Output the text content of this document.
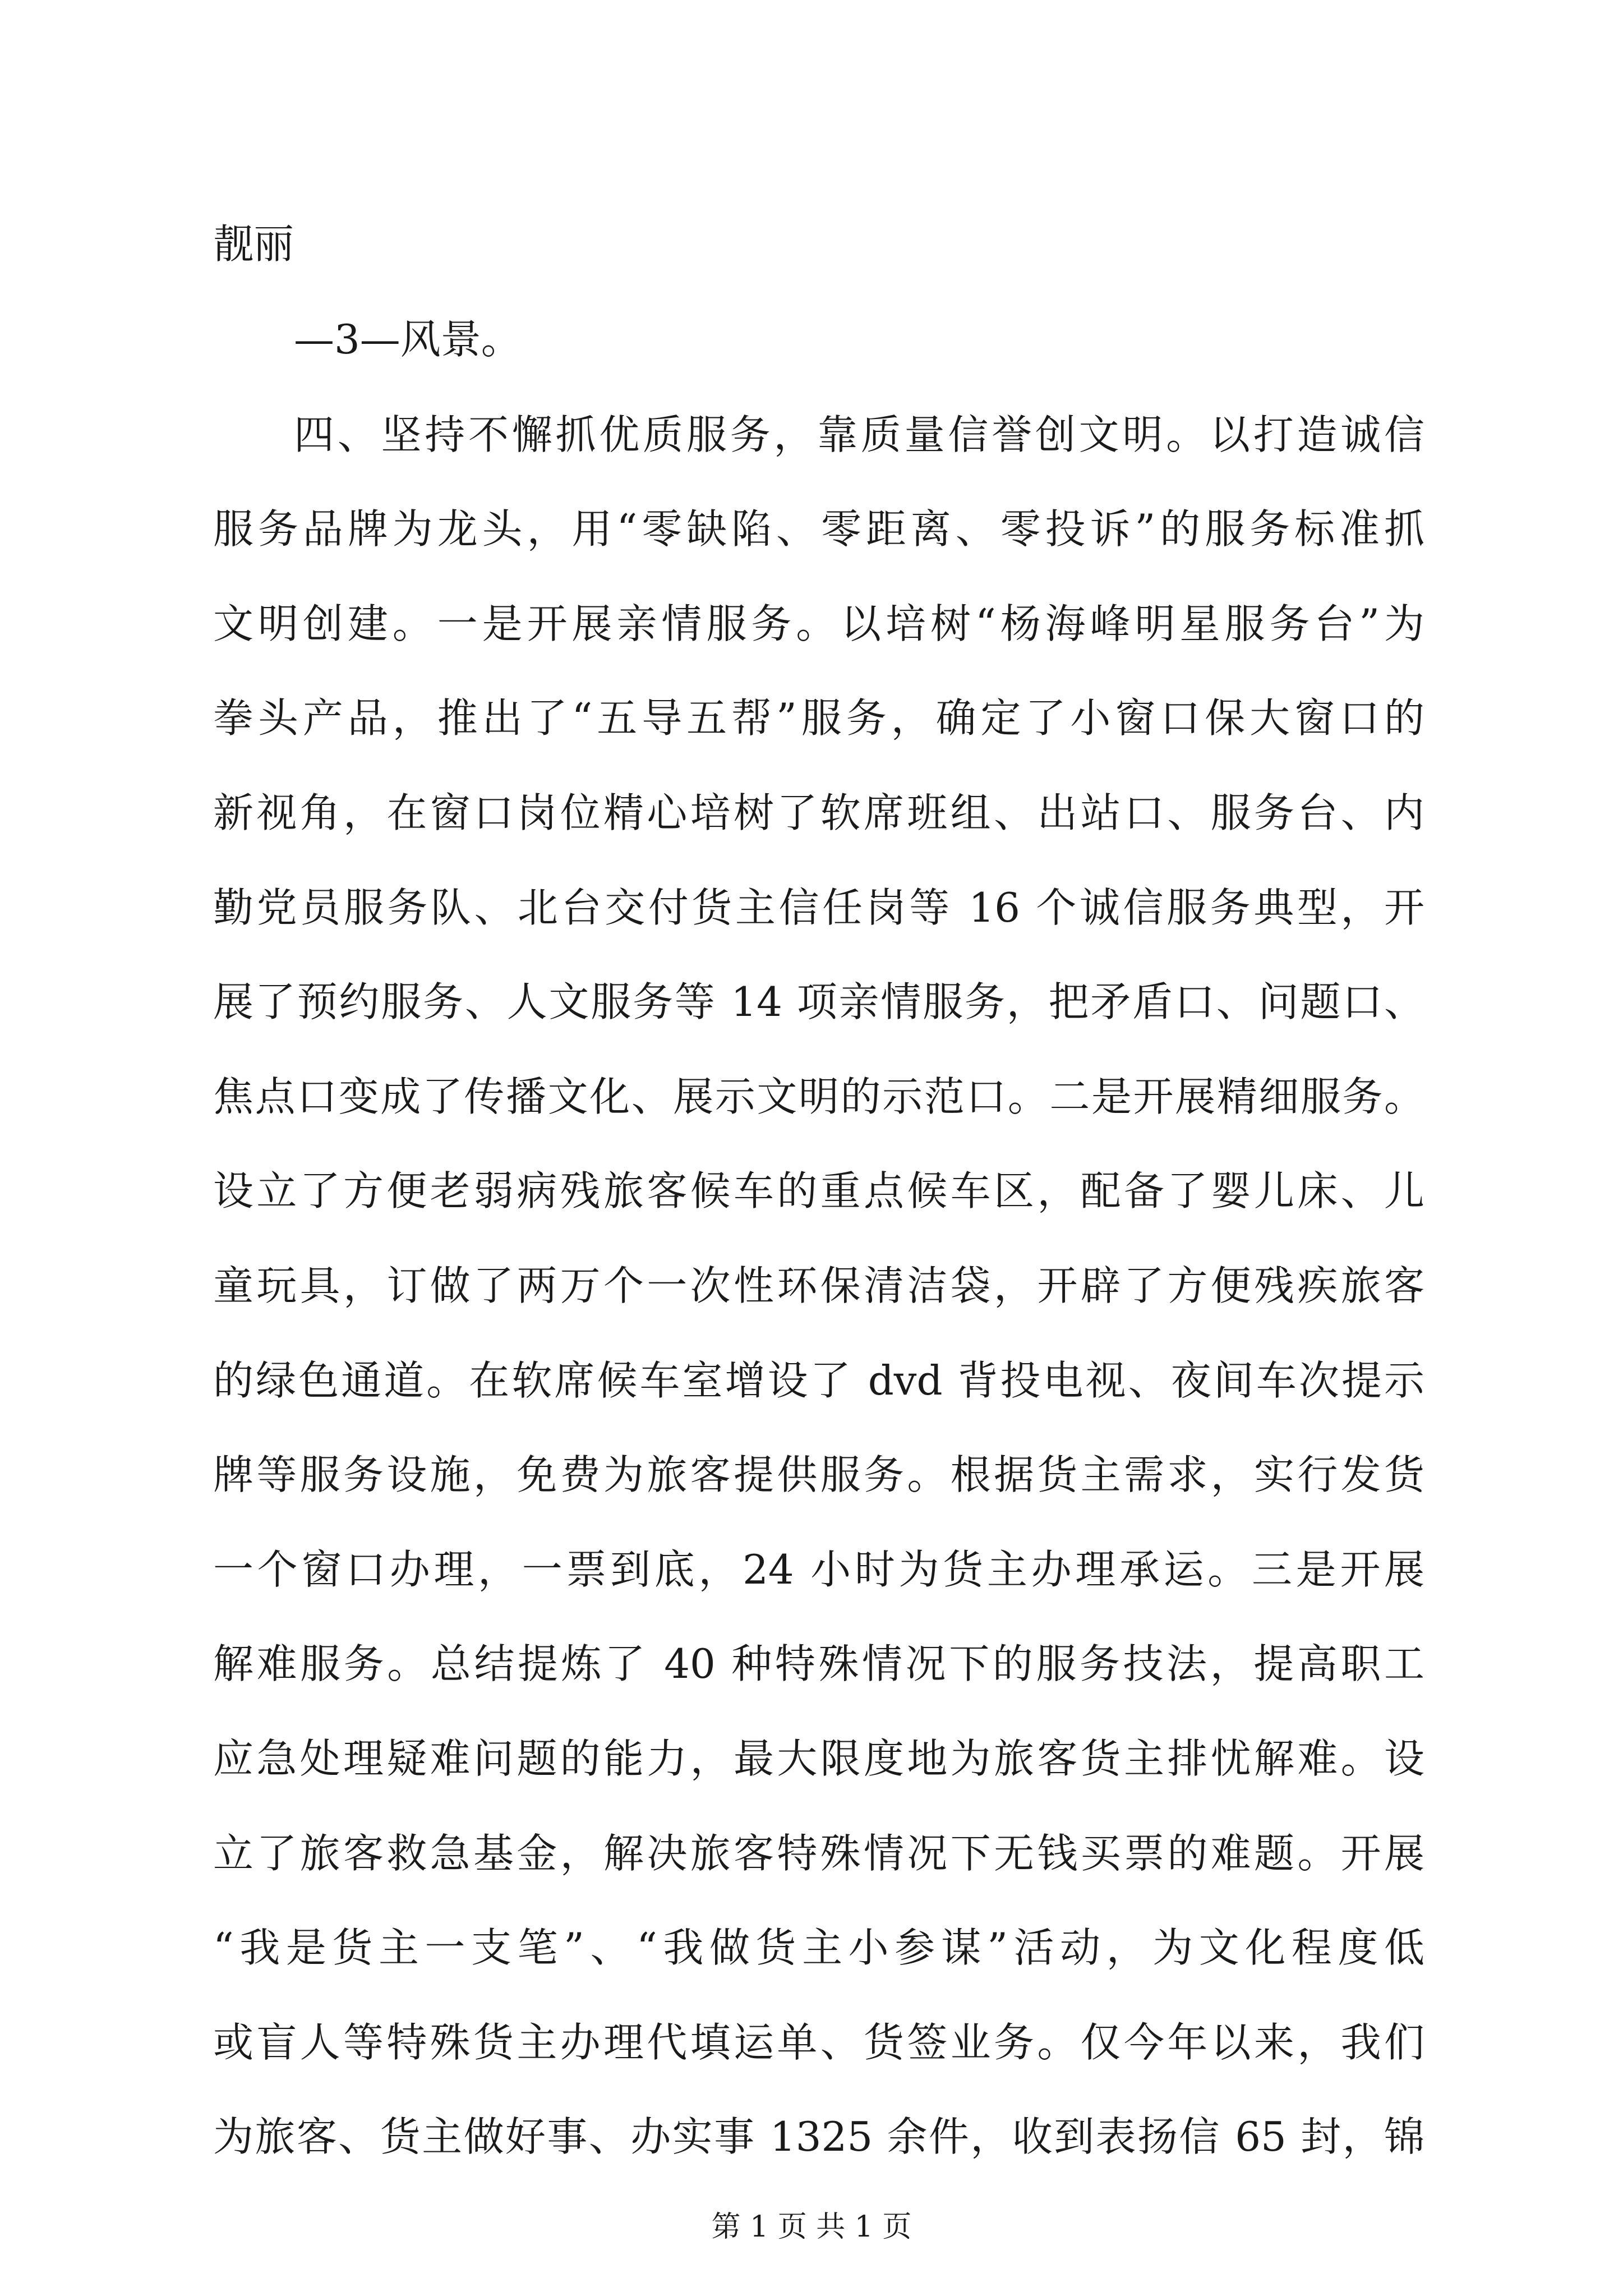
靓丽
—3—风景。
四、坚持不懈抓优质服务，靠质量信誉创文明。以打造诚信
服务品牌为龙头，用“零缺陷、零距离、零投诉”的服务标准抓
文明创建。一是开展亲情服务。以培树“杨海峰明星服务台”为
拳头产品，推出了“五导五帮”服务，确定了小窗口保大窗口的
新视角，在窗口岗位精心培树了软席班组、出站口、服务台、内
勤党员服务队、北台交付货主信任岗等 16 个诚信服务典型，开
展了预约服务、人文服务等 14 项亲情服务，把矛盾口、问题口、
焦点口变成了传播文化、展示文明的示范口。二是开展精细服务。
设立了方便老弱病残旅客候车的重点候车区，配备了婴儿床、儿
童玩具，订做了两万个一次性环保清洁袋，开辟了方便残疾旅客
的绿色通道。在软席候车室增设了 dvd 背投电视、夜间车次提示
牌等服务设施，免费为旅客提供服务。根据货主需求，实行发货
一个窗口办理，一票到底，24 小时为货主办理承运。三是开展
解难服务。总结提炼了 40 种特殊情况下的服务技法，提高职工
应急处理疑难问题的能力，最大限度地为旅客货主排忧解难。设
立了旅客救急基金，解决旅客特殊情况下无钱买票的难题。开展
“我是货主一支笔”、“我做货主小参谋”活动，为文化程度低
或盲人等特殊货主办理代填运单、货签业务。仅今年以来，我们
为旅客、货主做好事、办实事 1325 余件，收到表扬信 65 封，锦
第 1 页 共 1 页
